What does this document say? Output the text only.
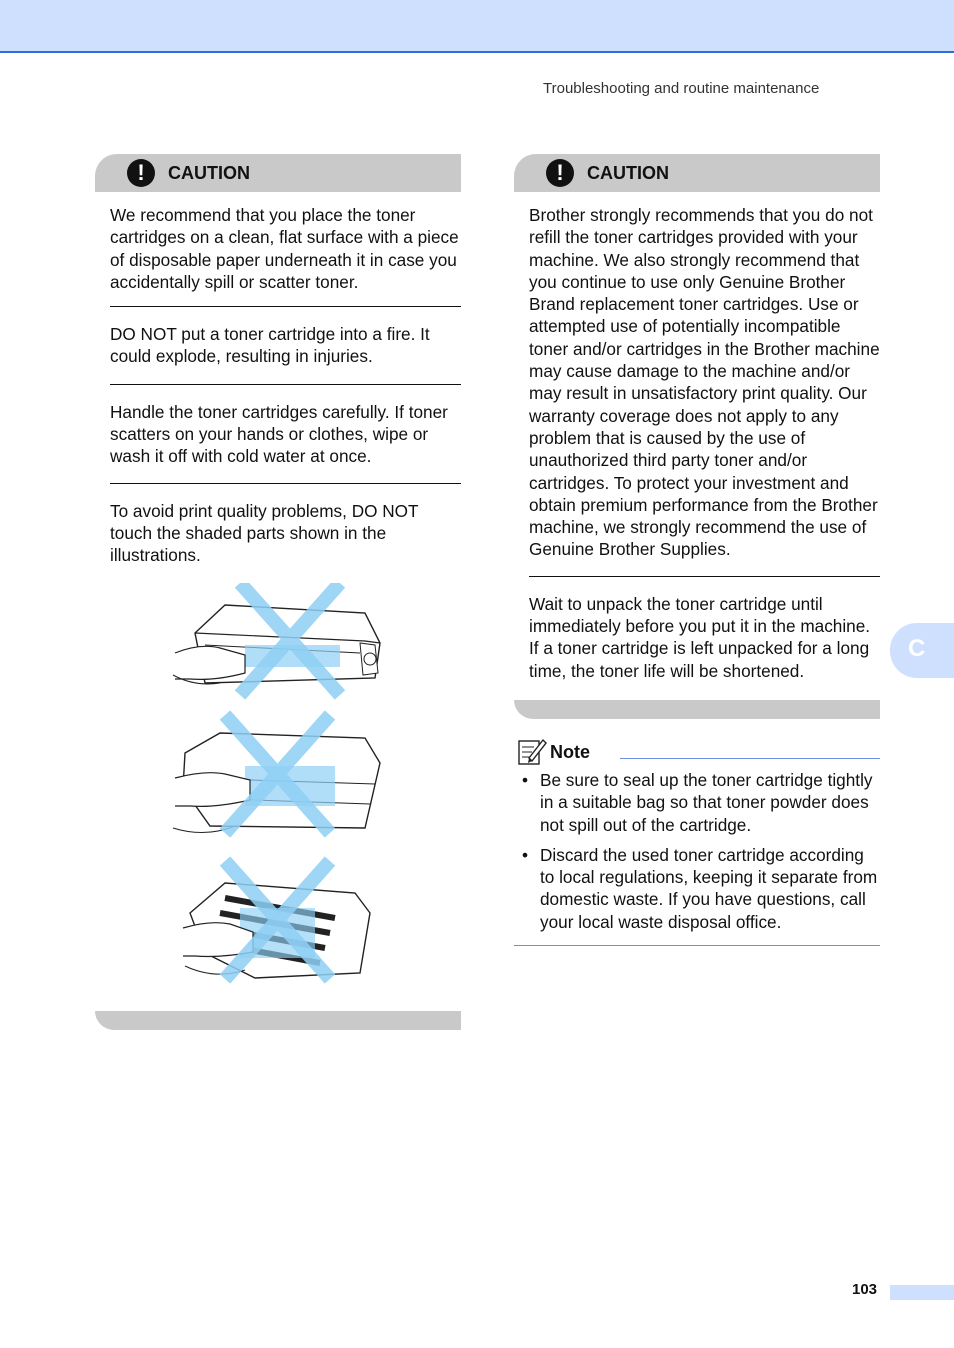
Troubleshooting and routine maintenance
!	CAUTION

We recommend that you place the toner cartridges on a clean, flat surface with a piece of disposable paper underneath it in case you accidentally spill or scatter toner.

DO NOT put a toner cartridge into a fire. It could explode, resulting in injuries.

Handle the toner cartridges carefully. If toner scatters on your hands or clothes, wipe or wash it off with cold water at once.

To avoid print quality problems, DO NOT touch the shaded parts shown in the illustrations.

!	CAUTION

Brother strongly recommends that you do not refill the toner cartridges provided with your machine. We also strongly recommend that you continue to use only Genuine Brother Brand replacement toner cartridges. Use or attempted use of potentially incompatible toner and/or cartridges in the Brother machine may cause damage to the machine and/or may result in unsatisfactory print quality. Our warranty coverage does not apply to any problem that is caused by the use of unauthorized third party toner and/or cartridges. To protect your investment and obtain premium performance from the Brother machine, we strongly recommend the use of Genuine Brother Supplies.

Wait to unpack the toner cartridge until immediately before you put it in the machine. If a toner cartridge is left unpacked for a long time, the toner life will be shortened.

Note
• Be sure to seal up the toner cartridge tightly in a suitable bag so that toner powder does not spill out of the cartridge.
• Discard the used toner cartridge according to local regulations, keeping it separate from domestic waste. If you have questions, call your local waste disposal office.
C
103
